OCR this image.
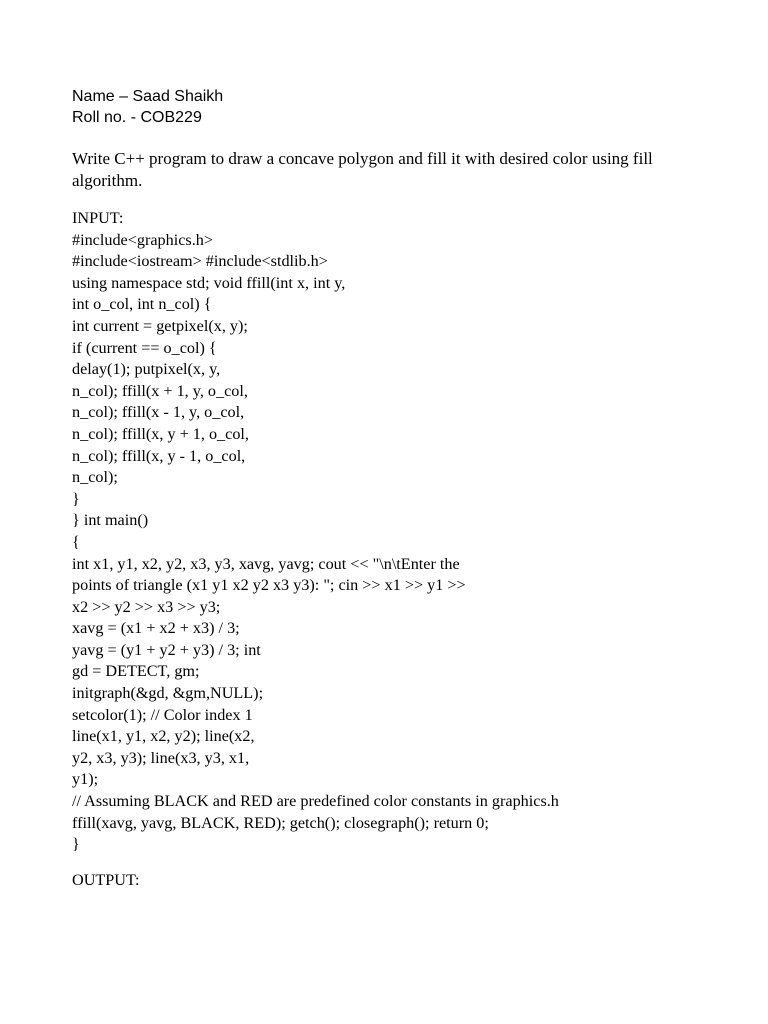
Name – Saad Shaikh
Roll no. - COB229
Write C++ program to draw a concave polygon and fill it with desired color using fill
algorithm.
INPUT:
#include<graphics.h>
#include<iostream> #include<stdlib.h>
using namespace std; void ffill(int x, int y,
int o_col, int n_col) {
int current = getpixel(x, y);
if (current == o_col) {
delay(1); putpixel(x, y,
n_col); ffill(x + 1, y, o_col,
n_col); ffill(x - 1, y, o_col,
n_col); ffill(x, y + 1, o_col,
n_col); ffill(x, y - 1, o_col,
n_col);
}
} int main()
{
int x1, y1, x2, y2, x3, y3, xavg, yavg; cout << "\n\tEnter the
points of triangle (x1 y1 x2 y2 x3 y3): "; cin >> x1 >> y1 >>
x2 >> y2 >> x3 >> y3;
xavg = (x1 + x2 + x3) / 3;
yavg = (y1 + y2 + y3) / 3; int
gd = DETECT, gm;
initgraph(&gd, &gm,NULL);
setcolor(1); // Color index 1
line(x1, y1, x2, y2); line(x2,
y2, x3, y3); line(x3, y3, x1,
y1);
// Assuming BLACK and RED are predefined color constants in graphics.h
ffill(xavg, yavg, BLACK, RED); getch(); closegraph(); return 0;
}
OUTPUT:
